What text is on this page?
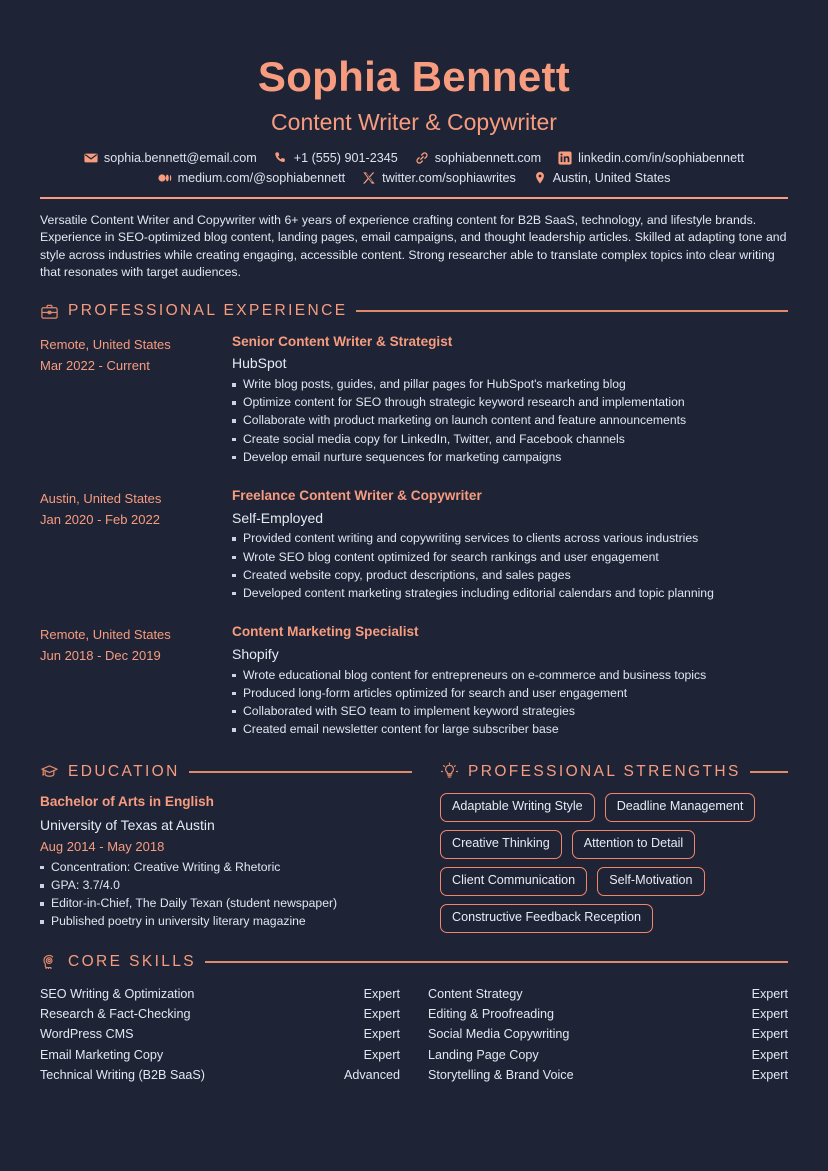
Sophia Bennett
Content Writer & Copywriter
sophia.bennett@email.com	+1 (555) 901-2345	sophiabennett.com	linkedin.com/in/sophiabennett
medium.com/@sophiabennett	twitter.com/sophiawrites	Austin, United States
Versatile Content Writer and Copywriter with 6+ years of experience crafting content for B2B SaaS, technology, and lifestyle brands. Experience in SEO-optimized blog content, landing pages, email campaigns, and thought leadership articles. Skilled at adapting tone and style across industries while creating engaging, accessible content. Strong researcher able to translate complex topics into clear writing that resonates with target audiences.
PROFESSIONAL EXPERIENCE
Remote, United States
Mar 2022 - Current
Senior Content Writer & Strategist
HubSpot
Write blog posts, guides, and pillar pages for HubSpot's marketing blog
Optimize content for SEO through strategic keyword research and implementation
Collaborate with product marketing on launch content and feature announcements
Create social media copy for LinkedIn, Twitter, and Facebook channels
Develop email nurture sequences for marketing campaigns
Austin, United States
Jan 2020 - Feb 2022
Freelance Content Writer & Copywriter
Self-Employed
Provided content writing and copywriting services to clients across various industries
Wrote SEO blog content optimized for search rankings and user engagement
Created website copy, product descriptions, and sales pages
Developed content marketing strategies including editorial calendars and topic planning
Remote, United States
Jun 2018 - Dec 2019
Content Marketing Specialist
Shopify
Wrote educational blog content for entrepreneurs on e-commerce and business topics
Produced long-form articles optimized for search and user engagement
Collaborated with SEO team to implement keyword strategies
Created email newsletter content for large subscriber base
EDUCATION
Bachelor of Arts in English
University of Texas at Austin
Aug 2014 - May 2018
Concentration: Creative Writing & Rhetoric
GPA: 3.7/4.0
Editor-in-Chief, The Daily Texan (student newspaper)
Published poetry in university literary magazine
PROFESSIONAL STRENGTHS
Adaptable Writing Style	Deadline Management
Creative Thinking	Attention to Detail
Client Communication	Self-Motivation
Constructive Feedback Reception
CORE SKILLS
SEO Writing & Optimization	Expert
Research & Fact-Checking	Expert
WordPress CMS	Expert
Email Marketing Copy	Expert
Technical Writing (B2B SaaS)	Advanced
Content Strategy	Expert
Editing & Proofreading	Expert
Social Media Copywriting	Expert
Landing Page Copy	Expert
Storytelling & Brand Voice	Expert
